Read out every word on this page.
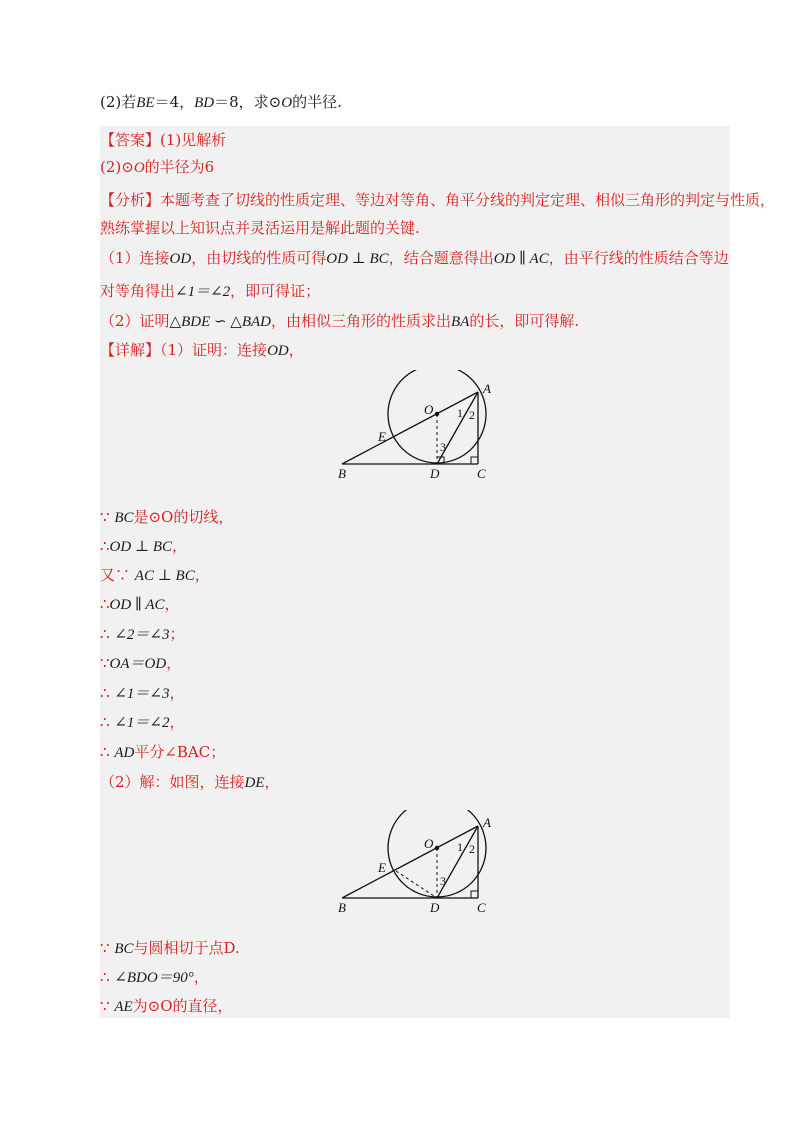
(2)若BE＝4，BD＝8，求⊙O的半径.
【答案】(1)见解析
(2)⊙O的半径为6
【分析】本题考查了切线的性质定理、等边对等角、角平分线的判定定理、相似三角形的判定与性质，
熟练掌握以上知识点并灵活运用是解此题的关键.
（1）连接OD，由切线的性质可得OD ⊥ BC，结合题意得出OD ∥ AC，由平行线的性质结合等边
对等角得出∠1＝∠2，即可得证；
（2）证明△BDE ∽ △BAD，由相似三角形的性质求出BA的长，即可得解.
【详解】（1）证明：连接OD，
A
O
E
B	D	C
1 2
3
∵ BC是⊙O的切线，
∴OD ⊥ BC，
又∵ AC ⊥ BC，
∴OD ∥ AC，
∴ ∠2＝∠3；
∵OA＝OD，
∴ ∠1＝∠3，
∴ ∠1＝∠2，
∴ AD平分∠BAC；
（2）解：如图，连接DE，
A
O
E
B	D	C
1 2
3
∵ BC与圆相切于点D.
∴ ∠BDO＝90°，
∵ AE为⊙O的直径，
